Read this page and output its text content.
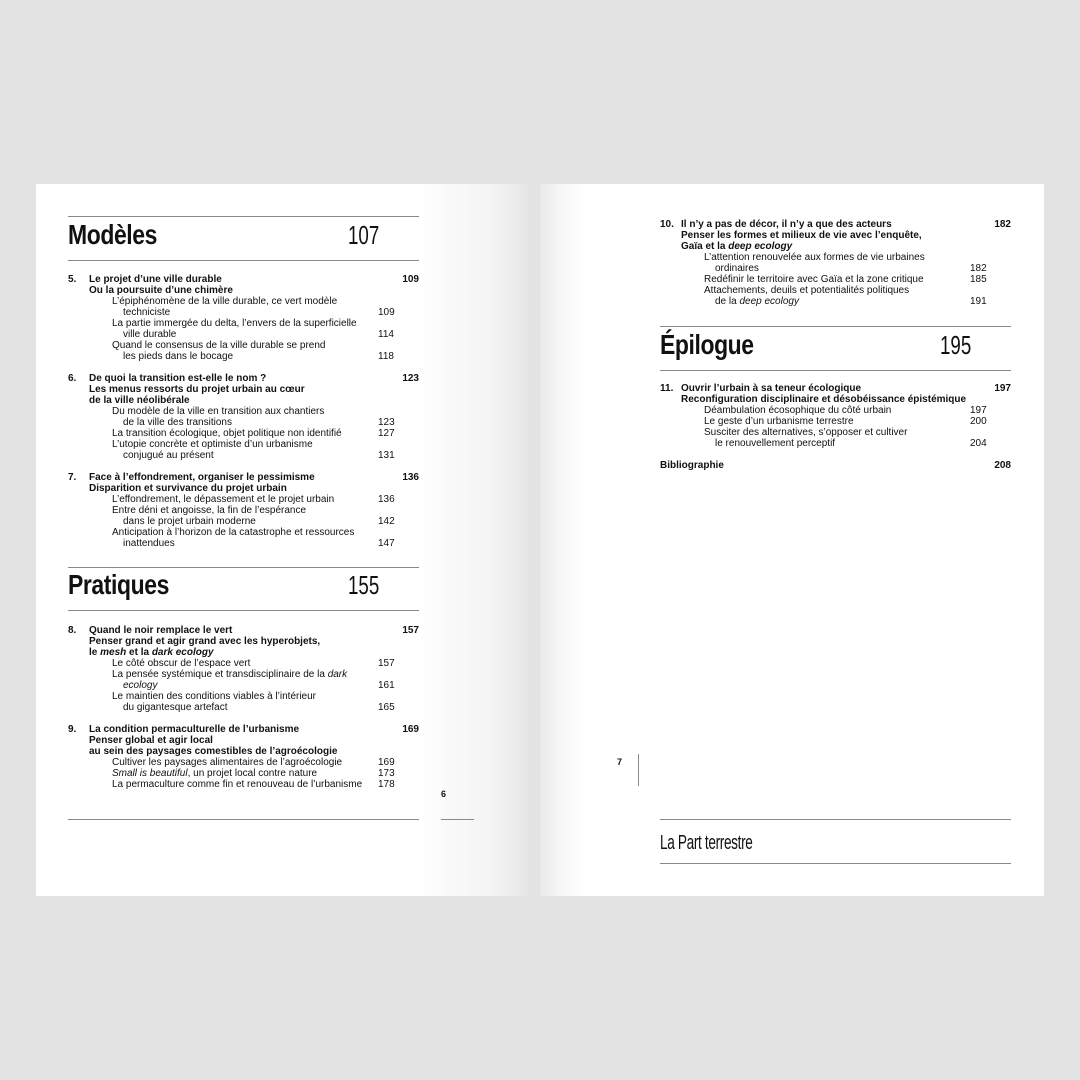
Modèles	107
5. Le projet d’une ville durable	109
Ou la poursuite d’une chimère
L’épiphénomène de la ville durable, ce vert modèle
techniciste	109
La partie immergée du delta, l’envers de la superficielle
ville durable	114
Quand le consensus de la ville durable se prend
les pieds dans le bocage	118
6. De quoi la transition est-elle le nom ?	123
Les menus ressorts du projet urbain au cœur
de la ville néolibérale
Du modèle de la ville en transition aux chantiers
de la ville des transitions	123
La transition écologique, objet politique non identifié	127
L’utopie concrète et optimiste d’un urbanisme
conjugué au présent	131
7. Face à l’effondrement, organiser le pessimisme	136
Disparition et survivance du projet urbain
L’effondrement, le dépassement et le projet urbain	136
Entre déni et angoisse, la fin de l’espérance
dans le projet urbain moderne	142
Anticipation à l’horizon de la catastrophe et ressources
inattendues	147
Pratiques	155
8. Quand le noir remplace le vert	157
Penser grand et agir grand avec les hyperobjets,
le mesh et la dark ecology
Le côté obscur de l’espace vert	157
La pensée systémique et transdisciplinaire de la dark
ecology	161
Le maintien des conditions viables à l’intérieur
du gigantesque artefact	165
9. La condition permaculturelle de l’urbanisme	169
Penser global et agir local
au sein des paysages comestibles de l’agroécologie
Cultiver les paysages alimentaires de l’agroécologie	169
Small is beautiful, un projet local contre nature	173
La permaculture comme fin et renouveau de l’urbanisme	178
6
10. Il n’y a pas de décor, il n’y a que des acteurs	182
Penser les formes et milieux de vie avec l’enquête,
Gaïa et la deep ecology
L’attention renouvelée aux formes de vie urbaines
ordinaires	182
Redéfinir le territoire avec Gaïa et la zone critique	185
Attachements, deuils et potentialités politiques
de la deep ecology	191
Épilogue	195
11. Ouvrir l’urbain à sa teneur écologique	197
Reconfiguration disciplinaire et désobéissance épistémique
Déambulation écosophique du côté urbain	197
Le geste d’un urbanisme terrestre	200
Susciter des alternatives, s’opposer et cultiver
le renouvellement perceptif	204
Bibliographie	208
7
La Part terrestre
